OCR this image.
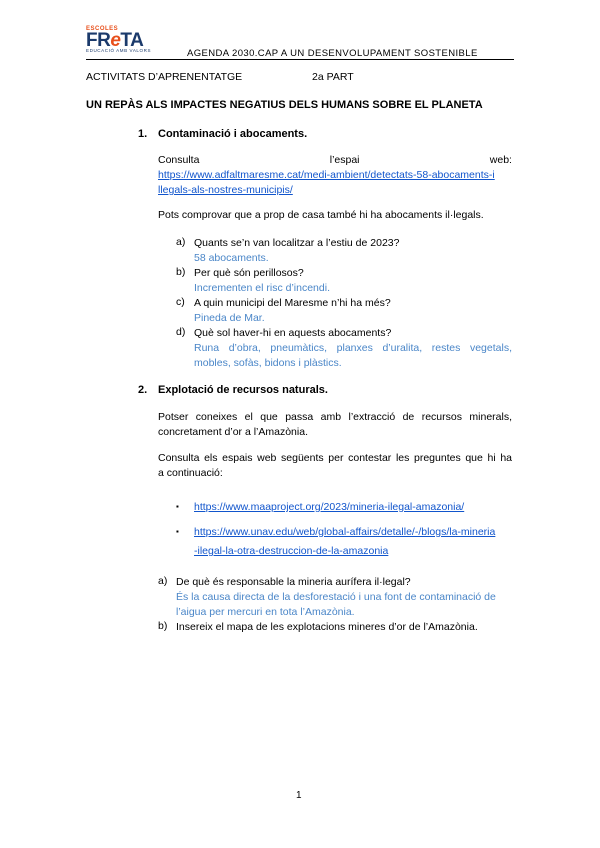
ESCOLES
FReTA
EDUCACIÓ AMB VALORS	AGENDA 2030.CAP A UN DESENVOLUPAMENT SOSTENIBLE
ACTIVITATS D’APRENENTATGE	2a PART
UN REPÀS ALS IMPACTES NEGATIUS DELS HUMANS SOBRE EL PLANETA
1. Contaminació i abocaments.
Consulta	l’espai	web:
https://www.adfaltmaresme.cat/medi-ambient/detectats-58-abocaments-i
llegals-als-nostres-municipis/
Pots comprovar que a prop de casa també hi ha abocaments il·legals.
a) Quants se’n van localitzar a l’estiu de 2023?
58 abocaments.
b) Per què són perillosos?
Incrementen el risc d’incendi.
c) A quin municipi del Maresme n’hi ha més?
Pineda de Mar.
d) Què sol haver-hi en aquests abocaments?
Runa d’obra, pneumàtics, planxes d’uralita, restes vegetals,
mobles, sofàs, bidons i plàstics.
2. Explotació de recursos naturals.
Potser coneixes el que passa amb l’extracció de recursos minerals,
concretament d’or a l’Amazònia.
Consulta els espais web següents per contestar les preguntes que hi ha
a continuació:
▪ https://www.maaproject.org/2023/mineria-ilegal-amazonia/
▪ https://www.unav.edu/web/global-affairs/detalle/-/blogs/la-mineria
-ilegal-la-otra-destruccion-de-la-amazonia
a) De què és responsable la mineria aurífera il·legal?
És la causa directa de la desforestació i una font de contaminació de
l’aigua per mercuri en tota l’Amazònia.
b) Insereix el mapa de les explotacions mineres d’or de l’Amazònia.
1
